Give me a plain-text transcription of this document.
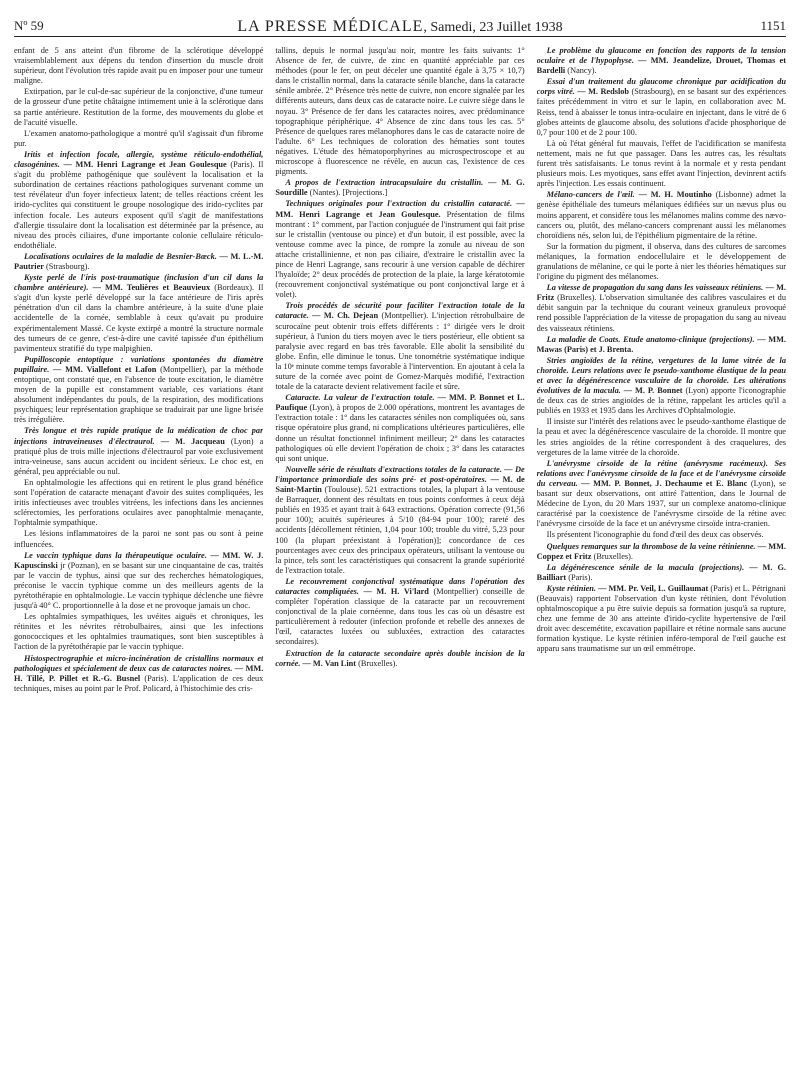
Nº 59	LA PRESSE MÉDICALE, Samedi, 23 Juillet 1938	1151

enfant de 5 ans atteint d'un fibrome de la sclérotique développé vraisemblablement aux dépens du tendon d'insertion du muscle droit supérieur, dont l'évolution très rapide avait pu en imposer pour une tumeur maligne.

Extirpation, par le cul-de-sac supérieur de la conjonctive, d'une tumeur de la grosseur d'une petite châtaigne intimement unie à la sclérotique dans sa partie antérieure. Restitution de la forme, des mouvements du globe et de l'acuité visuelle.

L'examen anatomo-pathologique a montré qu'il s'agissait d'un fibrome pur.

Iritis et infection focale, allergie, système réticulo-endothélial, clasogénines. — MM. Henri Lagrange et Jean Goulesque (Paris). Il s'agit du problème pathogénique que soulèvent la localisation et la subordination de certaines réactions pathologiques survenant comme un test révélateur d'un foyer infectieux latent; de telles réactions créent les irido-cyclites qui constituent le groupe nosologique des irido-cyclites par infection focale. Les auteurs exposent qu'il s'agit de manifestations d'allergie tissulaire dont la localisation est déterminée par la présence, au niveau des procès ciliaires, d'une importante colonie cellulaire réticulo-endothéliale.

Localisations oculaires de la maladie de Besnier-Bœck. — M. L.-M. Pautrier (Strasbourg).

Kyste perlé de l'iris post-traumatique (inclusion d'un cil dans la chambre antérieure). — MM. Teulières et Beauvieux (Bordeaux). Il s'agit d'un kyste perlé développé sur la face antérieure de l'iris après pénétration d'un cil dans la chambre antérieure, à la suite d'une plaie accidentelle de la cornée, semblable à ceux qu'avait pu produire expérimentalement Massé. Ce kyste extirpé a montré la structure normale des tumeurs de ce genre, c'est-à-dire une cavité tapissée d'un épithélium pavimenteux stratifié du type malpighien.

Pupilloscopie entoptique : variations spontanées du diamètre pupillaire. — MM. Viallefont et Lafon (Montpellier), par la méthode entoptique, ont constaté que, en l'absence de toute excitation, le diamètre moyen de la pupille est constamment variable, ces variations étant absolument indépendantes du pouls, de la respiration, des modifications psychiques; leur représentation graphique se traduirait par une ligne brisée très irrégulière.

Très longue et très rapide pratique de la médication de choc par injections intraveineuses d'électraurol. — M. Jacqueau (Lyon) a pratiqué plus de trois mille injections d'électraurol par voie exclusivement intra-veineuse, sans aucun accident ou incident sérieux. Le choc est, en général, peu appréciable ou nul.

En ophtalmologie les affections qui en retirent le plus grand bénéfice sont l'opération de cataracte menaçant d'avoir des suites compliquées, les iritis infectieuses avec troubles vitréens, les infections dans les anciennes sclérectomies, les perforations oculaires avec panophtalmie menaçante, l'ophtalmie sympathique.

Les lésions inflammatoires de la paroi ne sont pas ou sont à peine influencées.

Le vaccin typhique dans la thérapeutique oculaire. — MM. W. J. Kapuscinski jr (Poznan), en se basant sur une cinquantaine de cas, traités par le vaccin de typhus, ainsi que sur des recherches hématologiques, préconise le vaccin typhique comme un des meilleurs agents de la pyrétothérapie en ophtalmologie. Le vaccin typhique déclenche une fièvre jusqu'à 40° C. proportionnelle à la dose et ne provoque jamais un choc.

Les ophtalmies sympathiques, les uvéites aiguës et chroniques, les rétinites et les névrites rétrobulbaires, ainsi que les infections gonococciques et les ophtalmies traumatiques, sont bien susceptibles à l'action de la pyrétothérapie par le vaccin typhique.

Histospectrographie et micro-incinération de cristallins normaux et pathologiques et spécialement de deux cas de cataractes noires. — MM. H. Tillé, P. Pillet et R.-G. Busnel (Paris). L'application de ces deux techniques, mises au point par le Prof. Policard, à l'histochimie des cris-

tallins, depuis le normal jusqu'au noir, montre les faits suivants: 1° Absence de fer, de cuivre, de zinc en quantité appréciable par ces méthodes (pour le fer, on peut déceler une quantité égale à 3,75 × 10,7) dans le cristallin normal, dans la cataracte sénile blanche, dans la cataracte sénile ambrée. 2° Présence très nette de cuivre, non encore signalée par les différents auteurs, dans deux cas de cataracte noire. Le cuivre siège dans le noyau. 3° Présence de fer dans les cataractes noires, avec prédominance topographique périphérique. 4° Absence de zinc dans tous les cas. 5° Présence de quelques rares mélanophores dans le cas de cataracte noire de l'adulte. 6° Les techniques de coloration des hématies sont toutes négatives. L'étude des hématoporphyrines au microspectroscope et au microscope à fluorescence ne révèle, en aucun cas, l'existence de ces pigments.

A propos de l'extraction intracapsulaire du cristallin. — M. G. Sourdille (Nantes). [Projections.]

Techniques originales pour l'extraction du cristallin cataracté. — MM. Henri Lagrange et Jean Goulesque. Présentation de films montrant : 1° comment, par l'action conjuguée de l'instrument qui fait prise sur le cristallin (ventouse ou pince) et d'un butoir, il est possible, avec la ventouse comme avec la pince, de rompre la zonule au niveau de son attache cristallinienne, et non pas ciliaire, d'extraire le cristallin avec la pince de Henri Lagrange, sans recourir à une version capable de déchirer l'hyaloïde; 2° deux procédés de protection de la plaie, la large kératotomie (recouvrement conjonctival systématique ou pont conjonctival large et à volet).

Trois procédés de sécurité pour faciliter l'extraction totale de la cataracte. — M. Ch. Dejean (Montpellier). L'injection rétrobulbaire de scurocaïne peut obtenir trois effets différents : 1° dirigée vers le droit supérieur, à l'union du tiers moyen avec le tiers postérieur, elle obtient sa paralysie avec regard en bas très favorable. Elle abolit la sensibilité du globe. Enfin, elle diminue le tonus. Une tonométrie systématique indique la 10ᵉ minute comme temps favorable à l'intervention. En ajoutant à cela la suture de la cornée avec point de Gomez-Marquès modifié, l'extraction totale de la cataracte devient relativement facile et sûre.

Cataracte. La valeur de l'extraction totale. — MM. P. Bonnet et L. Paufique (Lyon), à propos de 2.000 opérations, montrent les avantages de l'extraction totale : 1° dans les cataractes séniles non compliquées où, sans risque opératoire plus grand, ni complications ultérieures particulières, elle donne un résultat fonctionnel infiniment meilleur; 2° dans les cataractes pathologiques où elle devient l'opération de choix ; 3° dans les cataractes qui sont unique.

Nouvelle série de résultats d'extractions totales de la cataracte. — De l'importance primordiale des soins pré- et post-opératoires. — M. de Saint-Martin (Toulouse). 521 extractions totales, la plupart à la ventouse de Barraquer, donnent des résultats en tous points conformes à ceux déjà publiés en 1935 et ayant trait à 643 extractions. Opération correcte (91,56 pour 100); acuités supérieures à 5/10 (84-94 pour 100); rareté des accidents [décollement rétinien, 1,04 pour 100; trouble du vitré, 5,23 pour 100 (la plupart préexistant à l'opération)]; concordance de ces pourcentages avec ceux des principaux opérateurs, utilisant la ventouse ou la pince, tels sont les caractéristiques qui consacrent la grande supériorité de l'extraction totale.

Le recouvrement conjonctival systématique dans l'opération des cataractes compliquées. — M. H. Vi'lard (Montpellier) conseille de compléter l'opération classique de la cataracte par un recouvrement conjonctival de la plaie cornéenne, dans tous les cas où un désastre est particulièrement à redouter (infection profonde et rebelle des annexes de l'œil, cataractes luxées ou subluxées, extraction des cataractes secondaires).

Extraction de la cataracte secondaire après double incision de la cornée. — M. Van Lint (Bruxelles).

Le problème du glaucome en fonction des rapports de la tension oculaire et de l'hypophyse. — MM. Jeandelize, Drouet, Thomas et Bardelli (Nancy).

Essai d'un traitement du glaucome chronique par acidification du corps vitré. — M. Redslob (Strasbourg), en se basant sur des expériences faites précédemment in vitro et sur le lapin, en collaboration avec M. Reiss, tend à abaisser le tonus intra-oculaire en injectant, dans le vitré de 6 globes atteints de glaucome absolu, des solutions d'acide phosphorique de 0,7 pour 100 et de 2 pour 100.

Là où l'état général fut mauvais, l'effet de l'acidification se manifesta nettement, mais ne fut que passager. Dans les autres cas, les résultats furent très satisfaisants. Le tonus revint à la normale et y resta pendant plusieurs mois. Les myotiques, sans effet avant l'injection, devinrent actifs après l'injection. Les essais continuent.

Mélano-cancers de l'œil. — M. H. Moutinho (Lisbonne) admet la genèse épithéliale des tumeurs mélaniques édifiées sur un nævus plus ou moins apparent, et considère tous les mélanomes malins comme des nævo-cancers ou, plutôt, des mélano-cancers comprenant aussi les mélanomes choroïdiens nés, selon lui, de l'épithélium pigmentaire de la rétine.

Sur la formation du pigment, il observa, dans des cultures de sarcomes mélaniques, la formation endocellulaire et le développement de granulations de mélanine, ce qui le porte à nier les théories hématiques sur l'origine du pigment des mélanomes.

La vitesse de propagation du sang dans les vaisseaux rétiniens. — M. Fritz (Bruxelles). L'observation simultanée des calibres vasculaires et du débit sanguin par la technique du courant veineux granuleux provoqué rend possible l'appréciation de la vitesse de propagation du sang au niveau des vaisseaux rétiniens.

La maladie de Coats. Etude anatomo-clinique (projections). — MM. Mawas (Paris) et J. Brenta.

Stries angioïdes de la rétine, vergetures de la lame vitrée de la choroïde. Leurs relations avec le pseudo-xanthome élastique de la peau et avec la dégénérescence vasculaire de la choroïde. Les altérations évolutives de la macula. — M. P. Bonnet (Lyon) apporte l'iconographie de deux cas de stries angioïdes de la rétine, rappelant les articles qu'il a publiés en 1933 et 1935 dans les Archives d'Ophtalmologie.

Il insiste sur l'intérêt des relations avec le pseudo-xanthome élastique de la peau et avec la dégénérescence vasculaire de la choroïde. Il montre que les stries angioïdes de la rétine correspondent à des craquelures, des vergetures de la lame vitrée de la choroïde.

L'anévrysme cirsoïde de la rétine (anévrysme racémeux). Ses relations avec l'anévrysme cirsoïde de la face et de l'anévrysme cirsoïde du cerveau. — MM. P. Bonnet, J. Dechaume et E. Blanc (Lyon), se basant sur deux observations, ont attiré l'attention, dans le Journal de Médecine de Lyon, du 20 Mars 1937, sur un complexe anatomo-clinique caractérisé par la coexistence de l'anévrysme cirsoïde de la rétine avec l'anévrysme cirsoïde de la face et un anévrysme cirsoïde intra-cranien.

Ils présentent l'iconographie du fond d'œil des deux cas observés.

Quelques remarques sur la thrombose de la veine rétinienne. — MM. Coppez et Fritz (Bruxelles).

La dégénérescence sénile de la macula (projections). — M. G. Bailliart (Paris).

Kyste rétinien. — MM. Pr. Veil, L. Guillaumat (Paris) et L. Pétrignani (Beauvais) rapportent l'observation d'un kyste rétinien, dont l'évolution ophtalmoscopique a pu être suivie depuis sa formation jusqu'à sa rupture, chez une femme de 30 ans atteinte d'irido-cyclite hypertensive de l'œil droit avec descemétite, excavation papillaire et rétine normale sans aucune formation kystique. Le kyste rétinien inféro-temporal de l'œil gauche est apparu sans traumatisme sur un œil emmétrope.
